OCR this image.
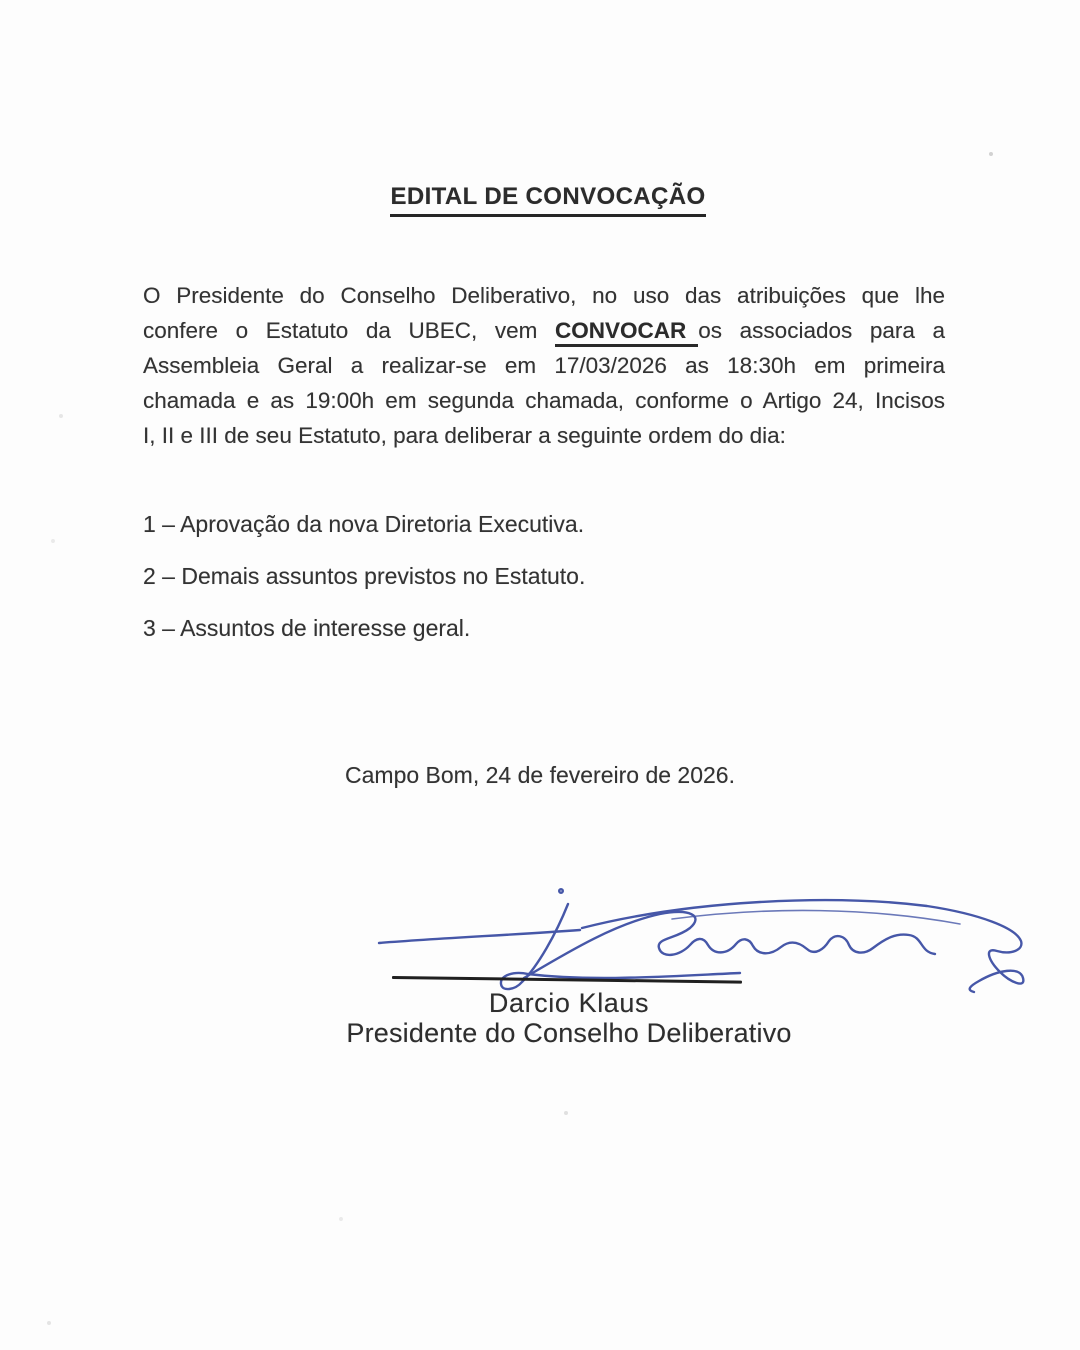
EDITAL DE CONVOCAÇÃO
O Presidente do Conselho Deliberativo, no uso das atribuições que lhe
confere o Estatuto da UBEC, vem CONVOCAR os associados para a
Assembleia Geral a realizar-se em 17/03/2026 as 18:30h em primeira
chamada e as 19:00h em segunda chamada, conforme o Artigo 24, Incisos
I, II e III de seu Estatuto, para deliberar a seguinte ordem do dia:
1 – Aprovação da nova Diretoria Executiva.
2 – Demais assuntos previstos no Estatuto.
3 – Assuntos de interesse geral.
Campo Bom, 24 de fevereiro de 2026.
Darcio Klaus
Presidente do Conselho Deliberativo
